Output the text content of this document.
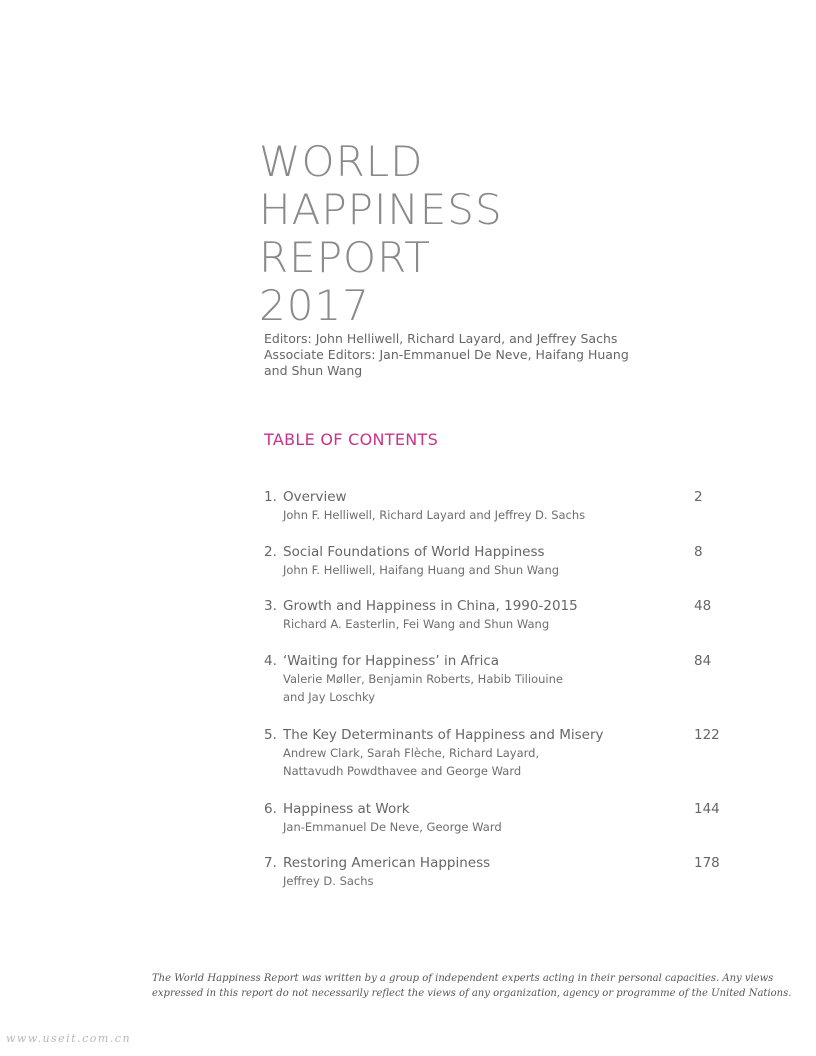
WORLD
HAPPINESS
REPORT
2017
Editors: John Helliwell, Richard Layard, and Jeffrey Sachs
Associate Editors: Jan-Emmanuel De Neve, Haifang Huang
and Shun Wang
TABLE OF CONTENTS
1. Overview	2
John F. Helliwell, Richard Layard and Jeffrey D. Sachs
2. Social Foundations of World Happiness	8
John F. Helliwell, Haifang Huang and Shun Wang
3. Growth and Happiness in China, 1990-2015	48
Richard A. Easterlin, Fei Wang and Shun Wang
4. ‘Waiting for Happiness’ in Africa	84
Valerie Møller, Benjamin Roberts, Habib Tiliouine
and Jay Loschky
5. The Key Determinants of Happiness and Misery	122
Andrew Clark, Sarah Flèche, Richard Layard,
Nattavudh Powdthavee and George Ward
6. Happiness at Work	144
Jan-Emmanuel De Neve, George Ward
7. Restoring American Happiness	178
Jeffrey D. Sachs
The World Happiness Report was written by a group of independent experts acting in their personal capacities. Any views
expressed in this report do not necessarily reflect the views of any organization, agency or programme of the United Nations.
www.useit.com.cn
